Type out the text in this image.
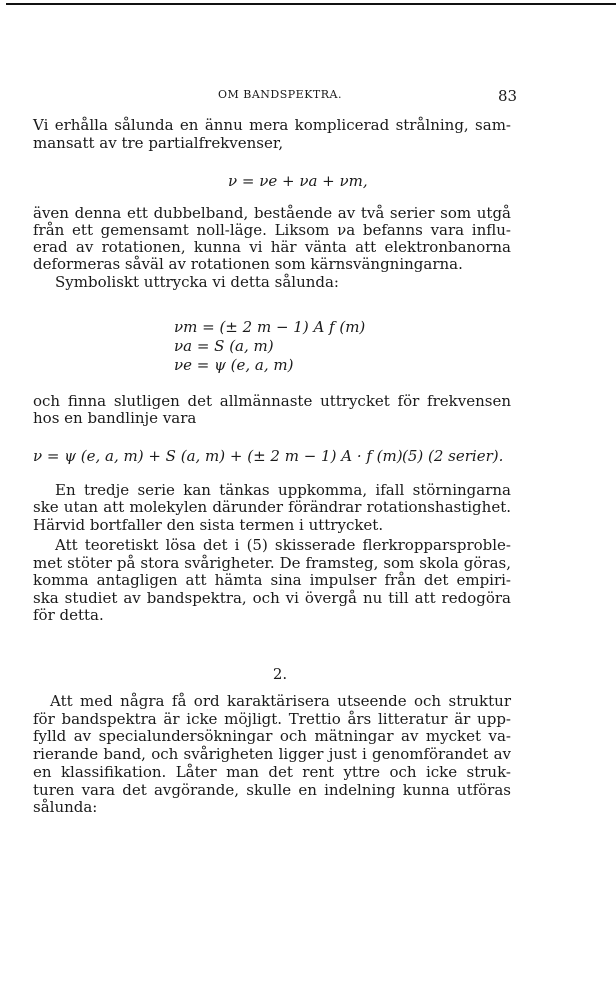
OM BANDSPEKTRA.	83

Vi erhålla sålunda en ännu mera komplicerad strålning, sam-

mansatt av tre partialfrekvenser,

ν = νe + νa + νm,

även denna ett dubbelband, bestående av två serier som utgå

från ett gemensamt noll-läge. Liksom νa befanns vara influ-

erad av rotationen, kunna vi här vänta att elektronbanorna

deformeras såväl av rotationen som kärnsvängningarna.

Symboliskt uttrycka vi detta sålunda:

νm = (± 2 m − 1) A f (m)

νa = S (a, m)

νe = ψ (e, a, m)

och finna slutligen det allmännaste uttrycket för frekvensen

hos en bandlinje vara

ν = ψ (e, a, m) + S (a, m) + (± 2 m − 1) A · f (m) (5) (2 serier).

En tredje serie kan tänkas uppkomma, ifall störningarna

ske utan att molekylen därunder förändrar rotationshastighet.

Härvid bortfaller den sista termen i uttrycket.

Att teoretiskt lösa det i (5) skisserade flerkropparsproble-

met stöter på stora svårigheter. De framsteg, som skola göras,

komma antagligen att hämta sina impulser från det empiri-

ska studiet av bandspektra, och vi övergå nu till att redogöra

för detta.

2.

Att med några få ord karaktärisera utseende och struktur

för bandspektra är icke möjligt. Trettio års litteratur är upp-

fylld av specialundersökningar och mätningar av mycket va-

rierande band, och svårigheten ligger just i genomförandet av

en klassifikation. Låter man det rent yttre och icke struk-

turen vara det avgörande, skulle en indelning kunna utföras

sålunda:
